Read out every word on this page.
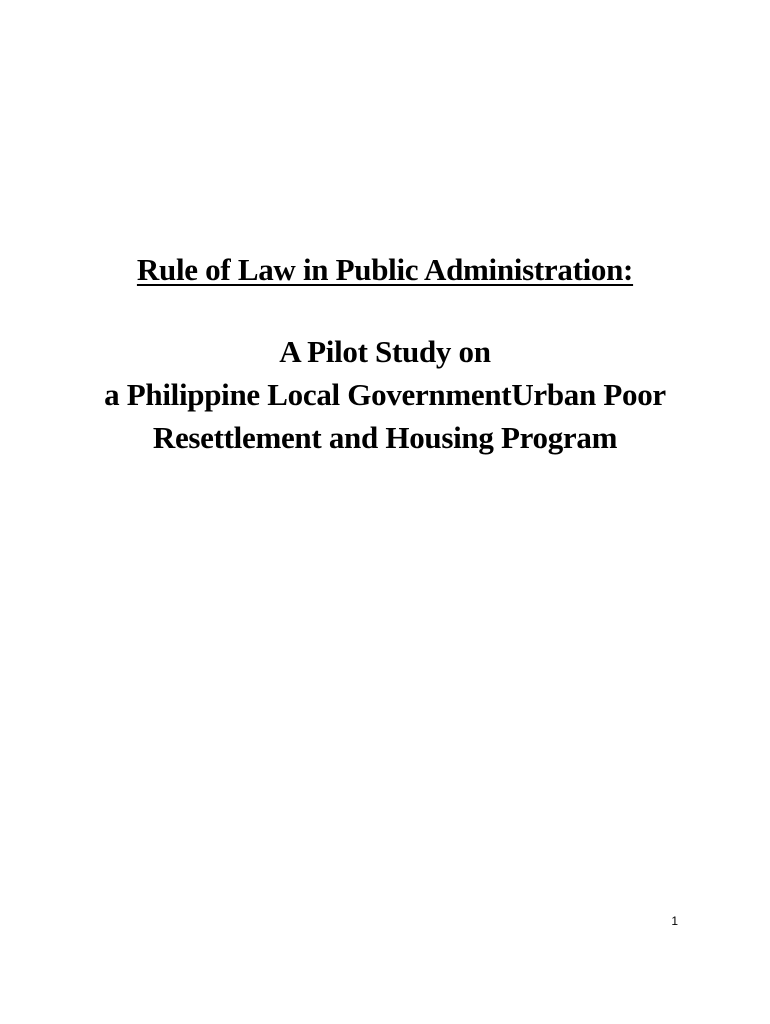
Rule of Law in Public Administration:
A Pilot Study on
a Philippine Local GovernmentUrban Poor
Resettlement and Housing Program
1
